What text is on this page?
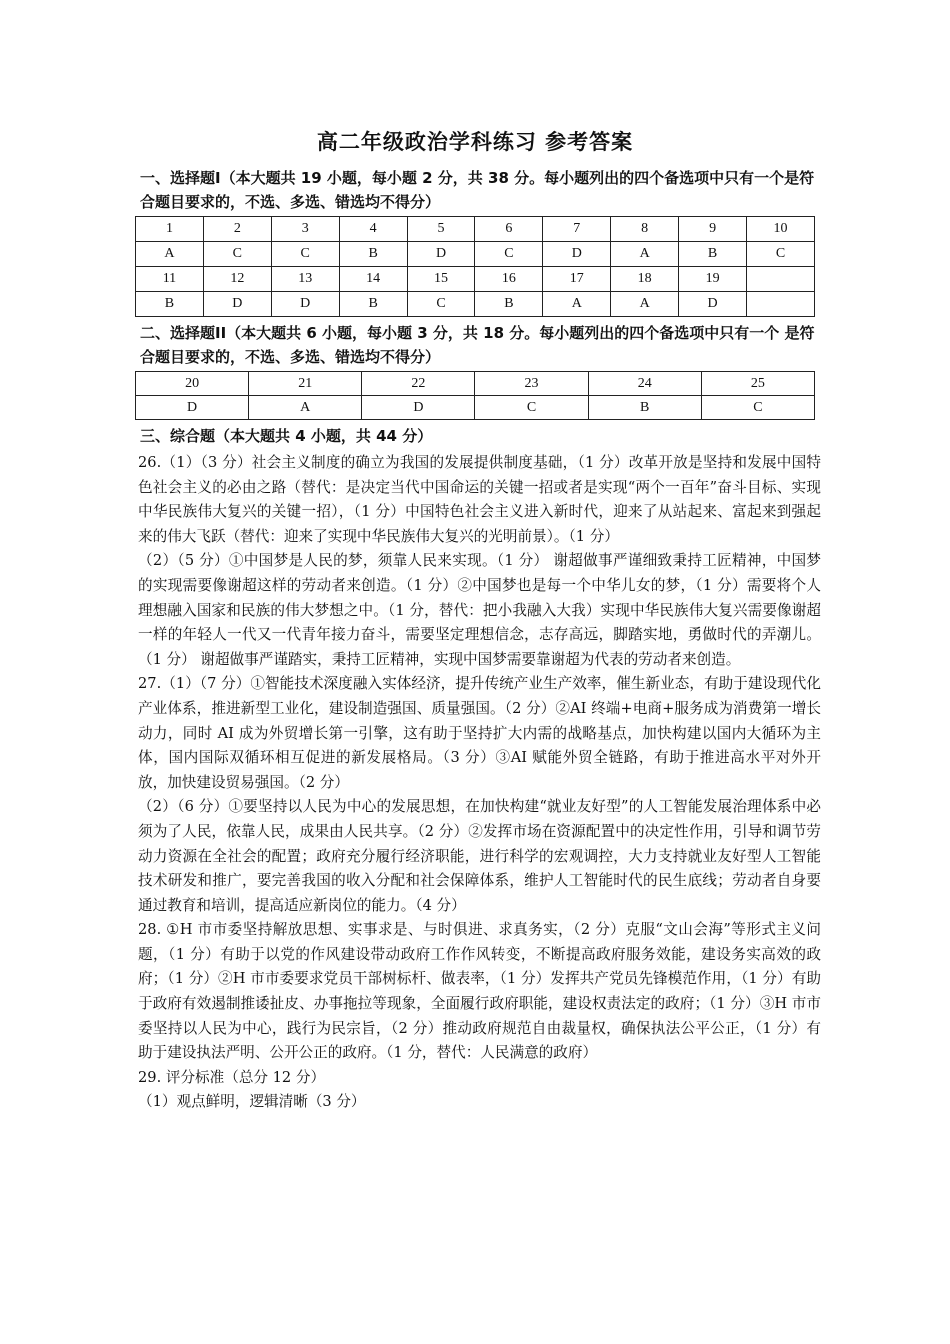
高二年级政治学科练习 参考答案
一、选择题I（本大题共 19 小题，每小题 2 分，共 38 分。每小题列出的四个备选项中只有一个是符合题目要求的，不选、多选、错选均不得分）
1	2	3	4	5	6	7	8	9	10
A	C	C	B	D	C	D	A	B	C
11	12	13	14	15	16	17	18	19	
B	D	D	B	C	B	A	A	D	
二、选择题II（本大题共 6 小题，每小题 3 分，共 18 分。每小题列出的四个备选项中只有一个 是符合题目要求的，不选、多选、错选均不得分）
20	21	22	23	24	25
D	A	D	C	B	C
三、综合题（本大题共 4 小题，共 44 分）

26.（1）（3 分）社会主义制度的确立为我国的发展提供制度基础，（1 分）改革开放是坚持和发展中国特色社会主义的必由之路（替代：是决定当代中国命运的关键一招或者是实现“两个一百年”奋斗目标、实现中华民族伟大复兴的关键一招），（1 分）中国特色社会主义进入新时代，迎来了从站起来、富起来到强起来的伟大飞跃（替代：迎来了实现中华民族伟大复兴的光明前景）。（1 分）

（2）（5 分）①中国梦是人民的梦，须靠人民来实现。（1 分） 谢超做事严谨细致秉持工匠精神，中国梦的实现需要像谢超这样的劳动者来创造。（1 分）②中国梦也是每一个中华儿女的梦，（1 分）需要将个人理想融入国家和民族的伟大梦想之中。（1 分，替代：把小我融入大我）实现中华民族伟大复兴需要像谢超一样的年轻人一代又一代青年接力奋斗，需要坚定理想信念，志存高远，脚踏实地，勇做时代的弄潮儿。（1 分） 谢超做事严谨踏实，秉持工匠精神，实现中国梦需要靠谢超为代表的劳动者来创造。

27.（1）（7 分）①智能技术深度融入实体经济，提升传统产业生产效率，催生新业态，有助于建设现代化产业体系，推进新型工业化，建设制造强国、质量强国。（2 分）②AI 终端+电商+服务成为消费第一增长动力，同时 AI 成为外贸增长第一引擎，这有助于坚持扩大内需的战略基点，加快构建以国内大循环为主体，国内国际双循环相互促进的新发展格局。（3 分）③AI 赋能外贸全链路，有助于推进高水平对外开放，加快建设贸易强国。（2 分）

（2）（6 分）①要坚持以人民为中心的发展思想，在加快构建“就业友好型”的人工智能发展治理体系中必须为了人民，依靠人民，成果由人民共享。（2 分）②发挥市场在资源配置中的决定性作用，引导和调节劳动力资源在全社会的配置；政府充分履行经济职能，进行科学的宏观调控，大力支持就业友好型人工智能技术研发和推广，要完善我国的收入分配和社会保障体系，维护人工智能时代的民生底线；劳动者自身要通过教育和培训，提高适应新岗位的能力。（4 分）

28. ①H 市市委坚持解放思想、实事求是、与时俱进、求真务实，（2 分）克服“文山会海”等形式主义问题，（1 分）有助于以党的作风建设带动政府工作作风转变，不断提高政府服务效能，建设务实高效的政府；（1 分）②H 市市委要求党员干部树标杆、做表率，（1 分）发挥共产党员先锋模范作用，（1 分）有助于政府有效遏制推诿扯皮、办事拖拉等现象，全面履行政府职能，建设权责法定的政府；（1 分）③H 市市委坚持以人民为中心，践行为民宗旨，（2 分）推动政府规范自由裁量权，确保执法公平公正，（1 分）有助于建设执法严明、公开公正的政府。（1 分，替代：人民满意的政府）

29. 评分标准（总分 12 分）

（1）观点鲜明，逻辑清晰（3 分）
